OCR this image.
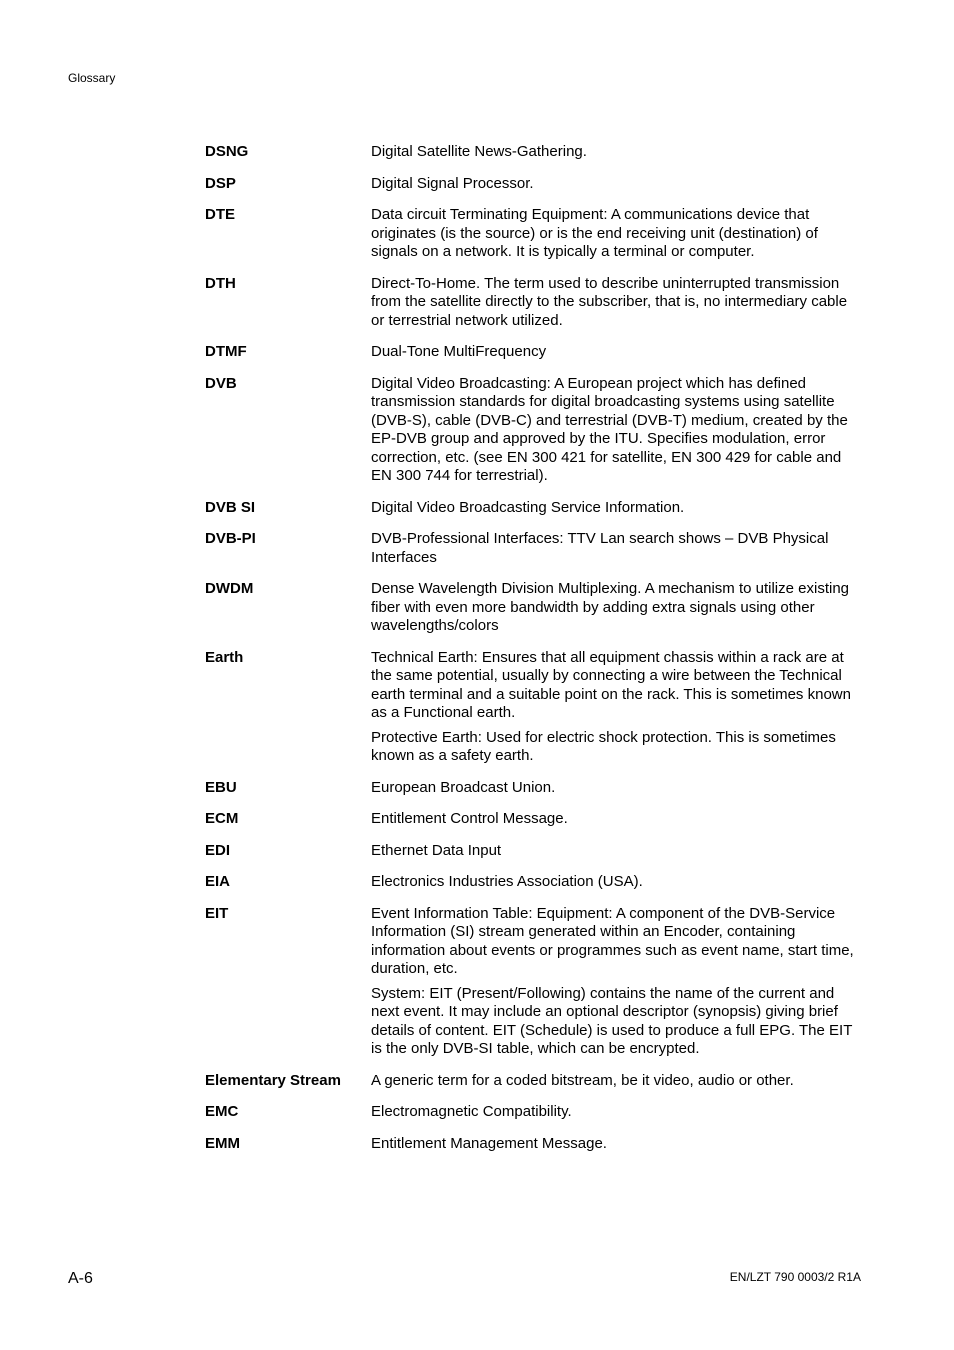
Glossary
DSNG	Digital Satellite News-Gathering.

DSP	Digital Signal Processor.

DTE	Data circuit Terminating Equipment: A communications device that originates (is the source) or is the end receiving unit (destination) of signals on a network. It is typically a terminal or computer.

DTH	Direct-To-Home. The term used to describe uninterrupted transmission from the satellite directly to the subscriber, that is, no intermediary cable or terrestrial network utilized.

DTMF	Dual-Tone MultiFrequency

DVB	Digital Video Broadcasting: A European project which has defined transmission standards for digital broadcasting systems using satellite (DVB-S), cable (DVB-C) and terrestrial (DVB-T) medium, created by the EP-DVB group and approved by the ITU. Specifies modulation, error correction, etc. (see EN 300 421 for satellite, EN 300 429 for cable and EN 300 744 for terrestrial).

DVB SI	Digital Video Broadcasting Service Information.

DVB-PI	DVB-Professional Interfaces: TTV Lan search shows – DVB Physical Interfaces

DWDM	Dense Wavelength Division Multiplexing. A mechanism to utilize existing fiber with even more bandwidth by adding extra signals using other wavelengths/colors

Earth	Technical Earth: Ensures that all equipment chassis within a rack are at the same potential, usually by connecting a wire between the Technical earth terminal and a suitable point on the rack. This is sometimes known as a Functional earth.

Protective Earth: Used for electric shock protection. This is sometimes known as a safety earth.

EBU	European Broadcast Union.

ECM	Entitlement Control Message.

EDI	Ethernet Data Input

EIA	Electronics Industries Association (USA).

EIT	Event Information Table: Equipment: A component of the DVB-Service Information (SI) stream generated within an Encoder, containing information about events or programmes such as event name, start time, duration, etc.

System: EIT (Present/Following) contains the name of the current and next event. It may include an optional descriptor (synopsis) giving brief details of content. EIT (Schedule) is used to produce a full EPG. The EIT is the only DVB-SI table, which can be encrypted.

Elementary Stream	A generic term for a coded bitstream, be it video, audio or other.

EMC	Electromagnetic Compatibility.

EMM	Entitlement Management Message.

A-6	EN/LZT 790 0003/2 R1A
